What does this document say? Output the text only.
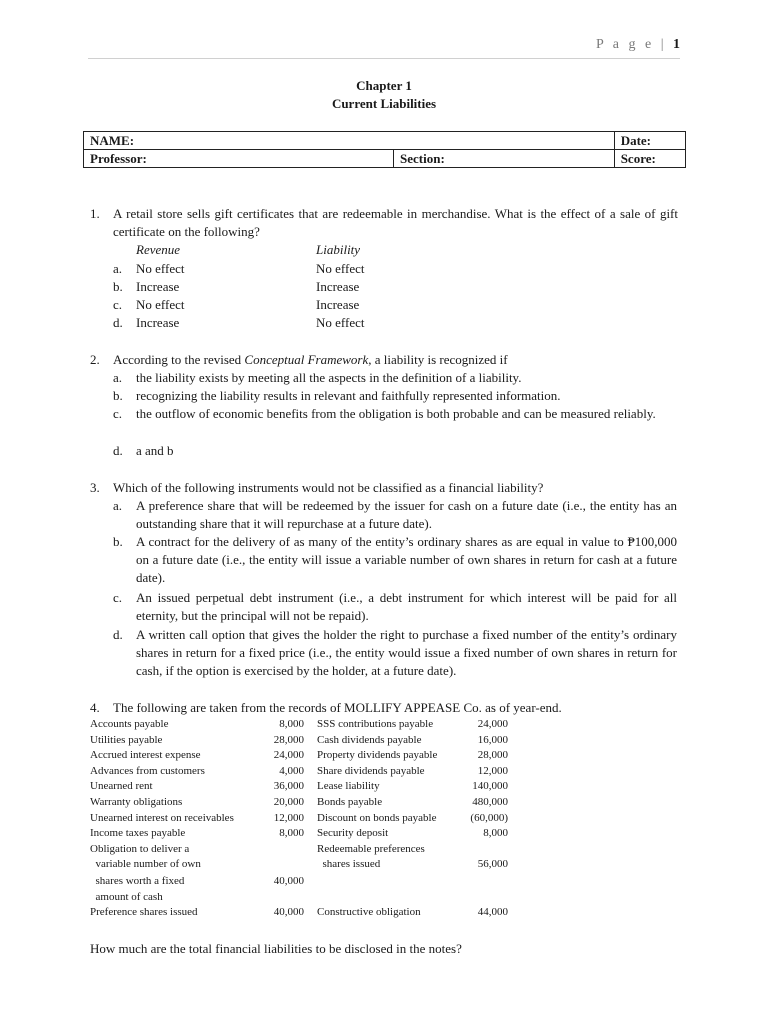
P a g e | 1
Chapter 1
Current Liabilities
NAME:		Date:
Professor:	Section:	Score:
1. A retail store sells gift certificates that are redeemable in merchandise. What is the effect of a sale of gift certificate on the following?
Revenue	Liability
a. No effect	No effect
b. Increase	Increase
c. No effect	Increase
d. Increase	No effect
2. According to the revised Conceptual Framework, a liability is recognized if
a. the liability exists by meeting all the aspects in the definition of a liability.
b. recognizing the liability results in relevant and faithfully represented information.
c. the outflow of economic benefits from the obligation is both probable and can be measured reliably.
d. a and b
3. Which of the following instruments would not be classified as a financial liability?
a. A preference share that will be redeemed by the issuer for cash on a future date (i.e., the entity has an outstanding share that it will repurchase at a future date).
b. A contract for the delivery of as many of the entity’s ordinary shares as are equal in value to ₱100,000 on a future date (i.e., the entity will issue a variable number of own shares in return for cash at a future date).
c. An issued perpetual debt instrument (i.e., a debt instrument for which interest will be paid for all eternity, but the principal will not be repaid).
d. A written call option that gives the holder the right to purchase a fixed number of the entity’s ordinary shares in return for a fixed price (i.e., the entity would issue a fixed number of own shares in return for cash, if the option is exercised by the holder, at a future date).
4. The following are taken from the records of MOLLIFY APPEASE Co. as of year-end.
Accounts payable	8,000 SSS contributions payable	24,000
Utilities payable	28,000 Cash dividends payable	16,000
Accrued interest expense	24,000 Property dividends payable	28,000
Advances from customers	4,000 Share dividends payable	12,000
Unearned rent	36,000 Lease liability	140,000
Warranty obligations	20,000 Bonds payable	480,000
Unearned interest on receivables	12,000 Discount on bonds payable	(60,000)
Income taxes payable	8,000 Security deposit	8,000
Obligation to deliver a	Redeemable preferences
variable number of own	shares issued	56,000
shares worth a fixed	40,000
amount of cash
Preference shares issued	40,000 Constructive obligation	44,000
How much are the total financial liabilities to be disclosed in the notes?
